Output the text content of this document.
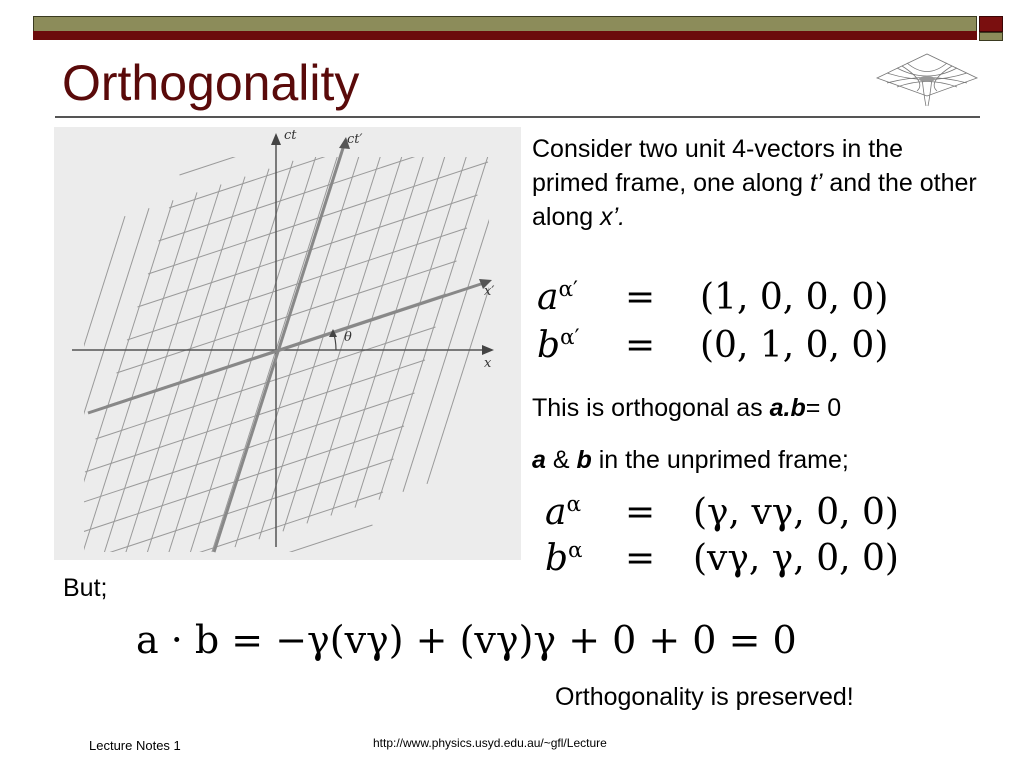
Orthogonality
ct	ct′
x′
x
θ
Consider two unit 4-vectors in the primed frame, one along t’ and the other along x’.
$a^{\alpha'} = (1$, 0, 0, 0)
$b^{\alpha'} = (0$, 1, 0, 0)
This is orthogonal as a.b= 0
a & b in the unprimed frame;
$a^\alpha = (\gamma$, vγ, 0, 0)
$b^\alpha = (v\gamma$, γ, 0, 0)
But;
a · b = −γ(vγ) + (vγ)γ + 0 + 0 = 0
Orthogonality is preserved!
Lecture Notes 1	http://www.physics.usyd.edu.au/~gfl/Lecture
